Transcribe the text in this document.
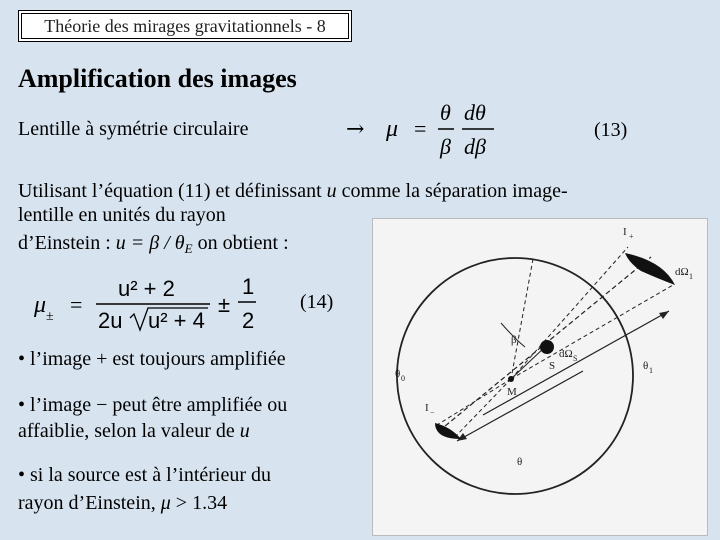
Théorie des mirages gravitationnels - 8
Amplification des images
Lentille à symétrie circulaire	→ μ =
θ
β
dθ
dβ
(13)
Utilisant l’équation (11) et définissant u comme la séparation image-
lentille en unités du rayon
d’Einstein : $u = \beta / \theta_E$ on obtient :
μ ± =
u² + 2
2u u² + 4
±
1
2
(14)
• l’image + est toujours amplifiée
• l’image − peut être amplifiée ou
affaiblie, selon la valeur de u
• si la source est à l’intérieur du
rayon d’Einstein, μ > 1.34
I +
dΩ 1
β
dΩ S
S
θ 0
θ 1
M
I −
θ
